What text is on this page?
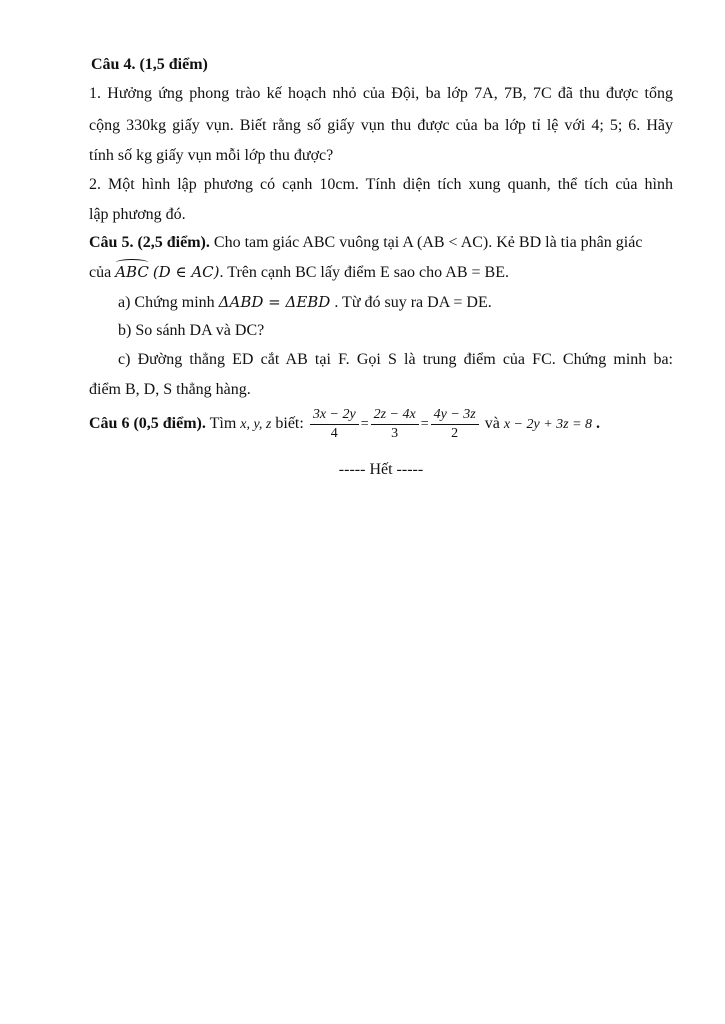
Câu 4. (1,5 điểm)
1. Hưởng ứng phong trào kế hoạch nhỏ của Đội, ba lớp 7A, 7B, 7C đã thu được tổng
cộng 330kg giấy vụn. Biết rằng số giấy vụn thu được của ba lớp tỉ lệ với 4; 5; 6. Hãy
tính số kg giấy vụn mỗi lớp thu được?
2. Một hình lập phương có cạnh 10cm. Tính diện tích xung quanh, thể tích của hình
lập phương đó.
Câu 5. (2,5 điểm). Cho tam giác ABC vuông tại A (AB < AC). Kẻ BD là tia phân giác
của ABC (D ∈ AC). Trên cạnh BC lấy điểm E sao cho AB = BE.
a) Chứng minh ΔABD = ΔEBD . Từ đó suy ra DA = DE.
b) So sánh DA và DC?
c) Đường thẳng ED cắt AB tại F. Gọi S là trung điểm của FC. Chứng minh ba:
điểm B, D, S thẳng hàng.
Câu 6 (0,5 điểm). Tìm x, y, z biết: $\frac{3x - 2y}{4} = \frac{2z - 4x}{3} = \frac{4y - 3z}{2}$ và x − 2y + 3z = 8 .
----- Hết -----
